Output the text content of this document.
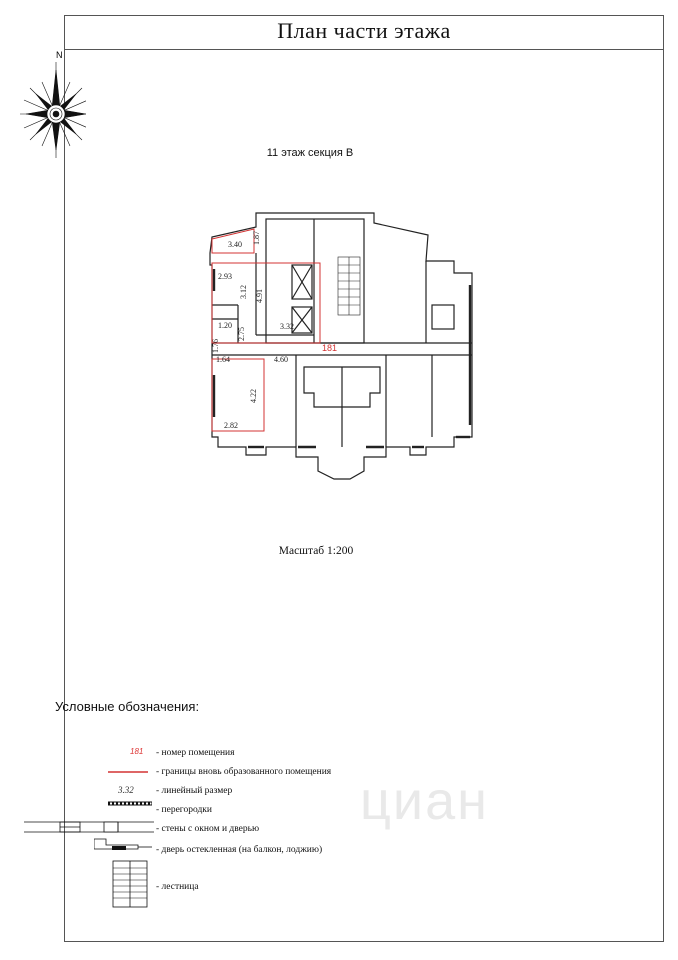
План части этажа
N
11 этаж секция В
3.40 1.87
2.93
3.12 4.91
3.32
1.20
2.75
1.76
1.64	4.60
4.22
2.82
181
Масштаб 1:200
Условные обозначения:
181 - номер помещения
- границы вновь образованного помещения
3.32 - линейный размер
- перегородки
- стены с окном и дверью
- дверь остекленная (на балкон, лоджию)
- лестница
циан
